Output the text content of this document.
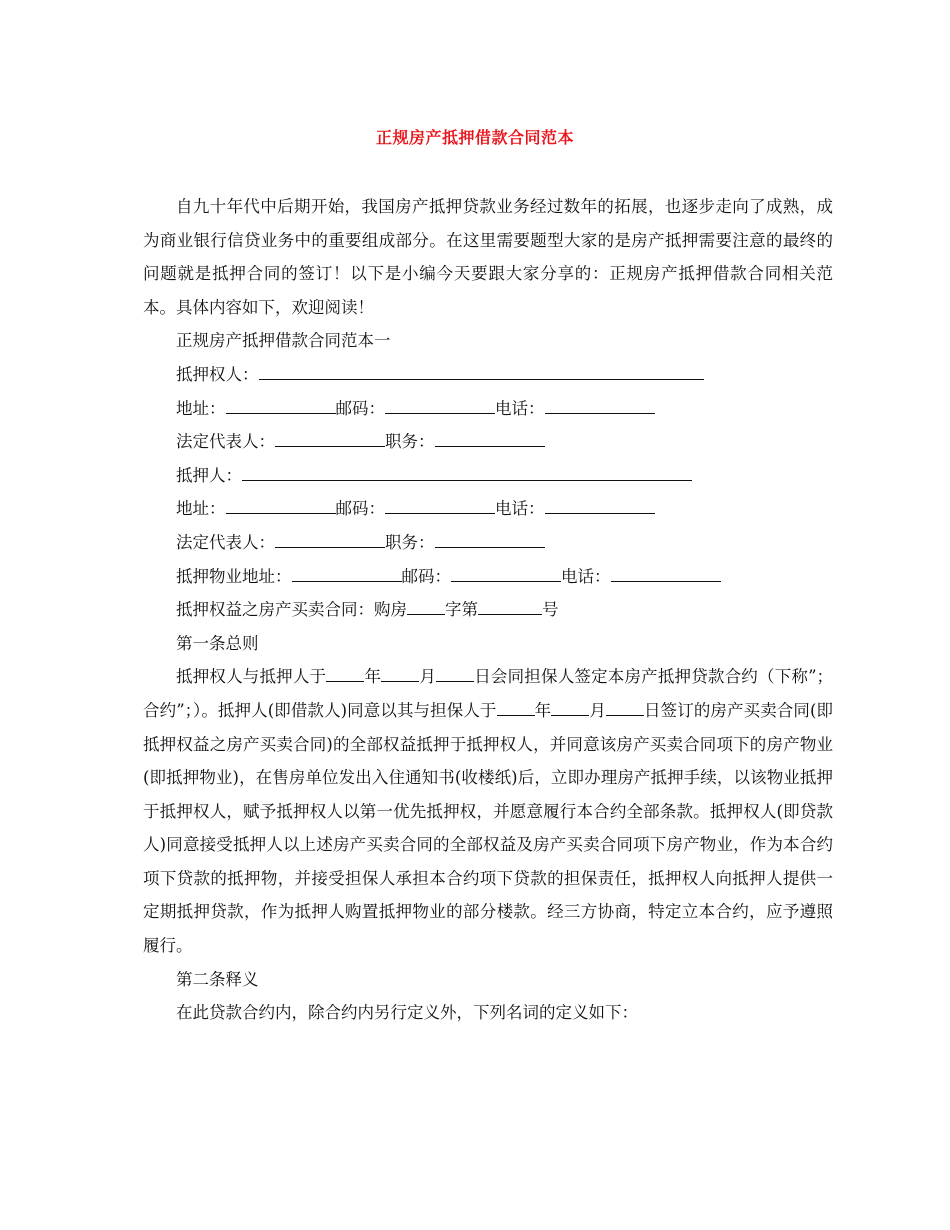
正规房产抵押借款合同范本

自九十年代中后期开始，我国房产抵押贷款业务经过数年的拓展，也逐步走向了成熟，成为商业银行信贷业务中的重要组成部分。在这里需要题型大家的是房产抵押需要注意的最终的问题就是抵押合同的签订！以下是小编今天要跟大家分享的：正规房产抵押借款合同相关范本。具体内容如下，欢迎阅读！

正规房产抵押借款合同范本一

抵押权人：

地址：	邮码：	电话：

法定代表人：	职务：

抵押人：

地址：	邮码：	电话：

法定代表人：	职务：

抵押物业地址：	邮码：	电话：

抵押权益之房产买卖合同：购房 字第	号

第一条总则

抵押权人与抵押人于 年 月 日会同担保人签定本房产抵押贷款合约（下称”；合约”；）。抵押人(即借款人)同意以其与担保人于 年 月 日签订的房产买卖合同(即抵押权益之房产买卖合同)的全部权益抵押于抵押权人，并同意该房产买卖合同项下的房产物业(即抵押物业)，在售房单位发出入住通知书(收楼纸)后，立即办理房产抵押手续，以该物业抵押于抵押权人，赋予抵押权人以第一优先抵押权，并愿意履行本合约全部条款。抵押权人(即贷款人)同意接受抵押人以上述房产买卖合同的全部权益及房产买卖合同项下房产物业，作为本合约项下贷款的抵押物，并接受担保人承担本合约项下贷款的担保责任，抵押权人向抵押人提供一定期抵押贷款，作为抵押人购置抵押物业的部分楼款。经三方协商，特定立本合约，应予遵照履行。

第二条释义

在此贷款合约内，除合约内另行定义外，下列名词的定义如下：
